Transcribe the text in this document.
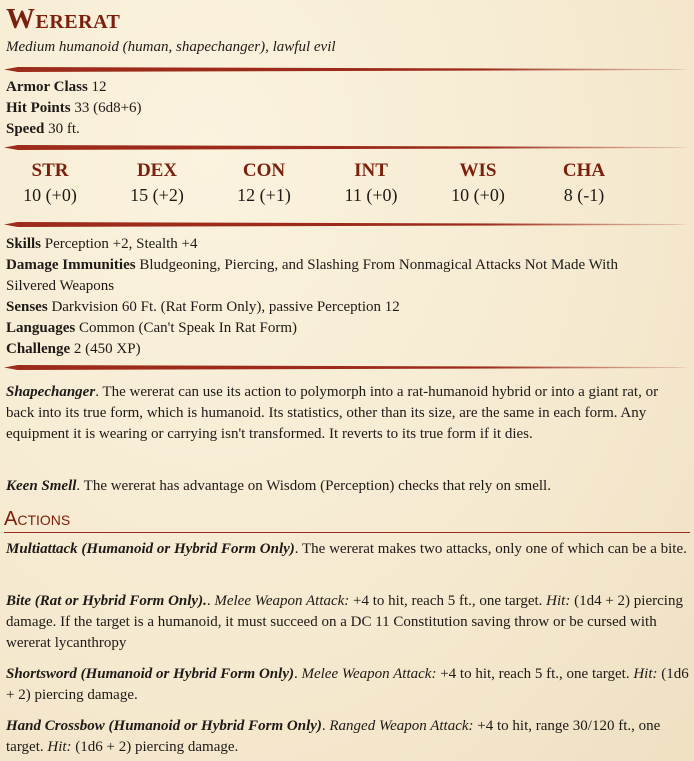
Wererat
Medium humanoid (human, shapechanger), lawful evil
Armor Class 12
Hit Points 33 (6d8+6)
Speed 30 ft.
STR
10 (+0)
DEX
15 (+2)
CON
12 (+1)
INT
11 (+0)
WIS
10 (+0)
CHA
8 (-1)
Skills Perception +2, Stealth +4
Damage Immunities Bludgeoning, Piercing, and Slashing From Nonmagical Attacks Not Made With
Silvered Weapons
Senses Darkvision 60 Ft. (Rat Form Only), passive Perception 12
Languages Common (Can't Speak In Rat Form)
Challenge 2 (450 XP)
Shapechanger. The wererat can use its action to polymorph into a rat-humanoid hybrid or into a giant rat, or back into its true form, which is humanoid. Its statistics, other than its size, are the same in each form. Any equipment it is wearing or carrying isn't transformed. It reverts to its true form if it dies.
Keen Smell. The wererat has advantage on Wisdom (Perception) checks that rely on smell.
Actions
Multiattack (Humanoid or Hybrid Form Only). The wererat makes two attacks, only one of which can be a bite.
Bite (Rat or Hybrid Form Only).. Melee Weapon Attack: +4 to hit, reach 5 ft., one target. Hit: (1d4 + 2) piercing damage. If the target is a humanoid, it must succeed on a DC 11 Constitution saving throw or be cursed with wererat lycanthropy
Shortsword (Humanoid or Hybrid Form Only). Melee Weapon Attack: +4 to hit, reach 5 ft., one target. Hit: (1d6 + 2) piercing damage.
Hand Crossbow (Humanoid or Hybrid Form Only). Ranged Weapon Attack: +4 to hit, range 30/120 ft., one target. Hit: (1d6 + 2) piercing damage.
